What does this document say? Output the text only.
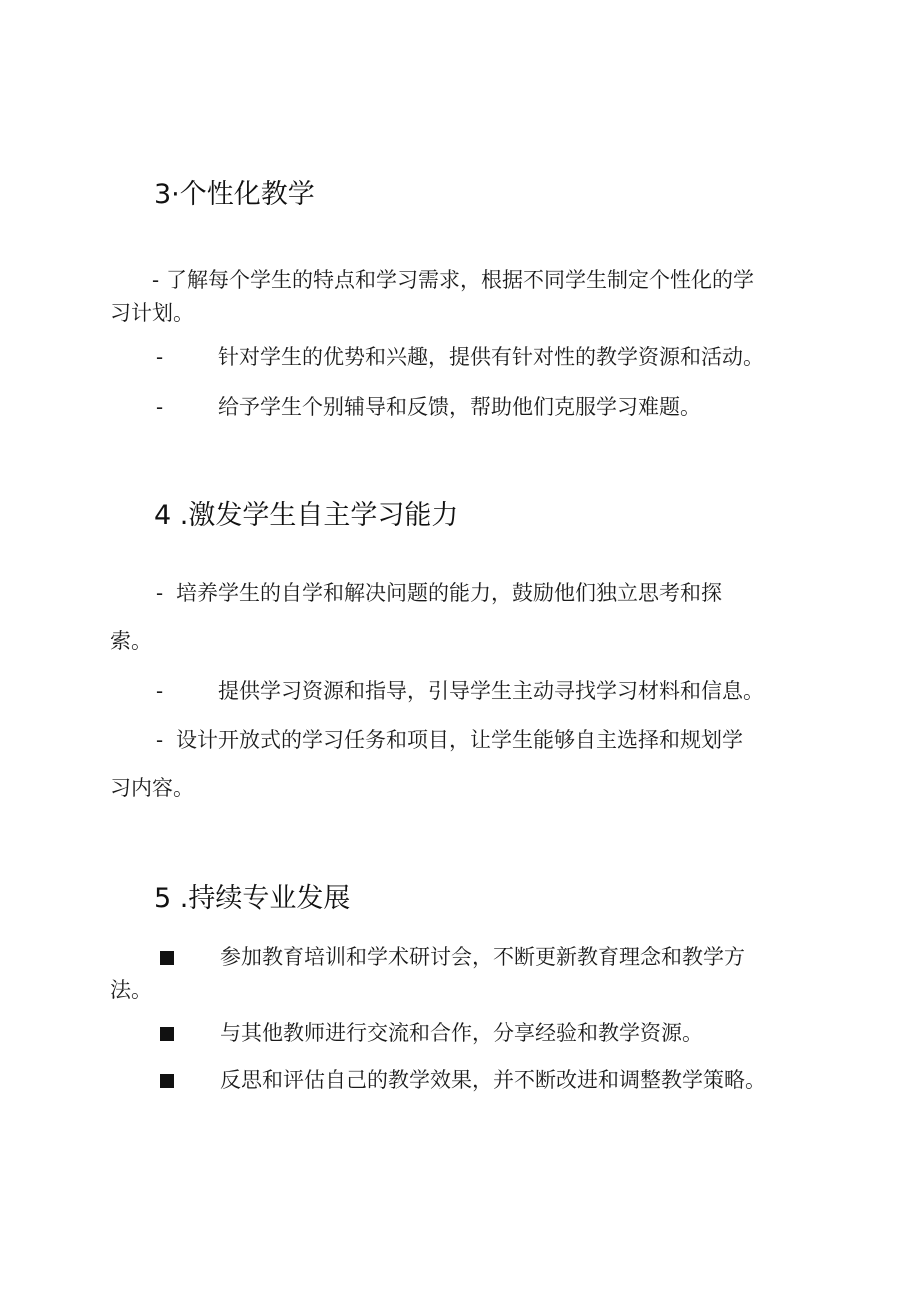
3·个性化教学
- 了解每个学生的特点和学习需求，根据不同学生制定个性化的学
习计划。
-	针对学生的优势和兴趣，提供有针对性的教学资源和活动。
-	给予学生个别辅导和反馈，帮助他们克服学习难题。
4 .激发学生自主学习能力
- 培养学生的自学和解决问题的能力，鼓励他们独立思考和探
索。
-	提供学习资源和指导，引导学生主动寻找学习材料和信息。
- 设计开放式的学习任务和项目，让学生能够自主选择和规划学
习内容。
5 .持续专业发展
参加教育培训和学术研讨会，不断更新教育理念和教学方
法。
与其他教师进行交流和合作，分享经验和教学资源。
反思和评估自己的教学效果，并不断改进和调整教学策略。
